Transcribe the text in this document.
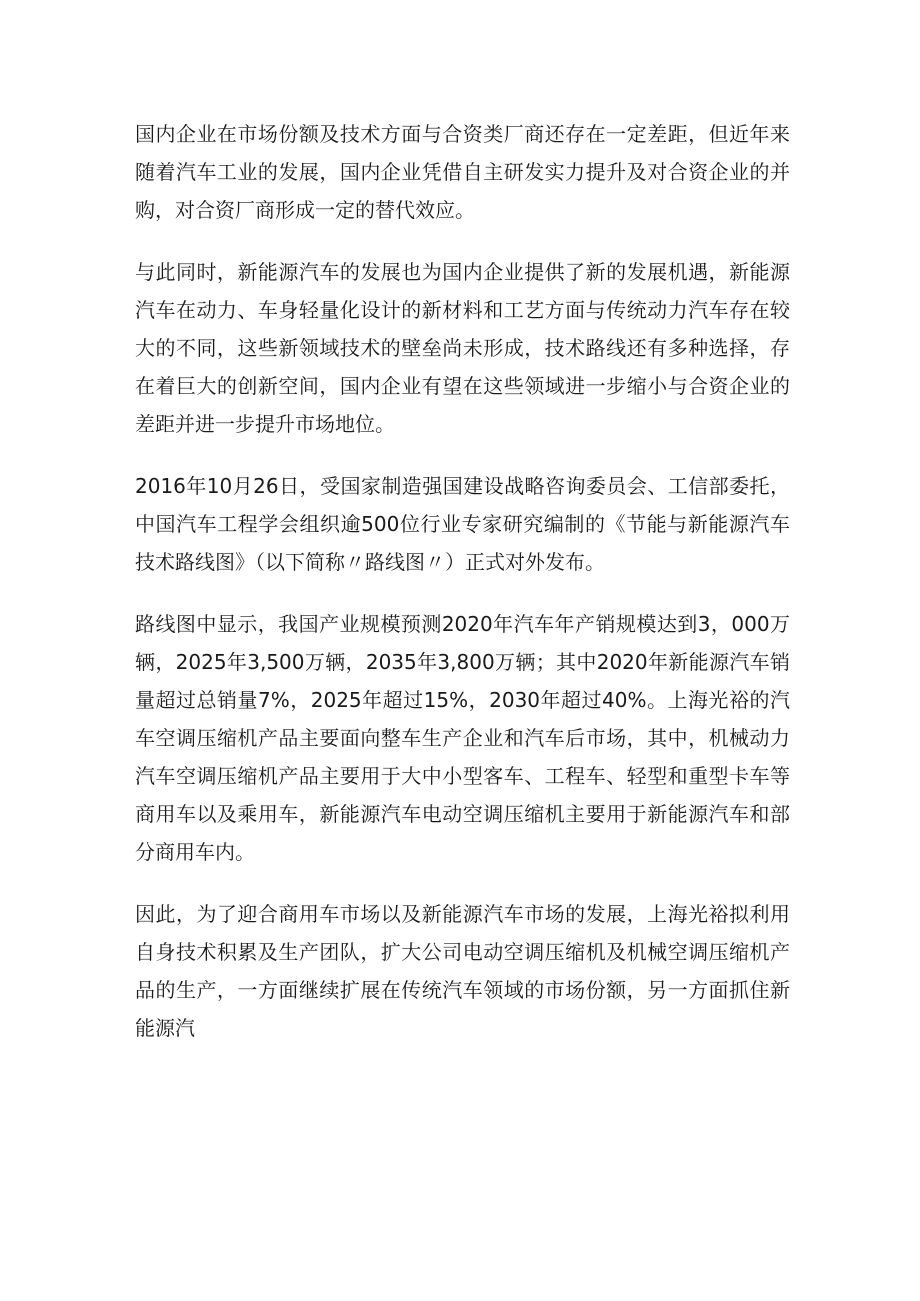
国内企业在市场份额及技术方面与合资类厂商还存在一定差距，但近年来随着汽车工业的发展，国内企业凭借自主研发实力提升及对合资企业的并购，对合资厂商形成一定的替代效应。

与此同时，新能源汽车的发展也为国内企业提供了新的发展机遇，新能源汽车在动力、车身轻量化设计的新材料和工艺方面与传统动力汽车存在较大的不同，这些新领域技术的壁垒尚未形成，技术路线还有多种选择，存在着巨大的创新空间，国内企业有望在这些领域进一步缩小与合资企业的差距并进一步提升市场地位。

2016年10月26日，受国家制造强国建设战略咨询委员会、工信部委托，中国汽车工程学会组织逾500位行业专家研究编制的《节能与新能源汽车技术路线图》（以下简称〃路线图〃）正式对外发布。

路线图中显示，我国产业规模预测2020年汽车年产销规模达到3，000万辆，2025年3,500万辆，2035年3,800万辆；其中2020年新能源汽车销量超过总销量7%，2025年超过15%，2030年超过40%。上海光裕的汽车空调压缩机产品主要面向整车生产企业和汽车后市场，其中，机械动力汽车空调压缩机产品主要用于大中小型客车、工程车、轻型和重型卡车等商用车以及乘用车，新能源汽车电动空调压缩机主要用于新能源汽车和部分商用车内。

因此，为了迎合商用车市场以及新能源汽车市场的发展，上海光裕拟利用自身技术积累及生产团队，扩大公司电动空调压缩机及机械空调压缩机产品的生产，一方面继续扩展在传统汽车领域的市场份额，另一方面抓住新能源汽
